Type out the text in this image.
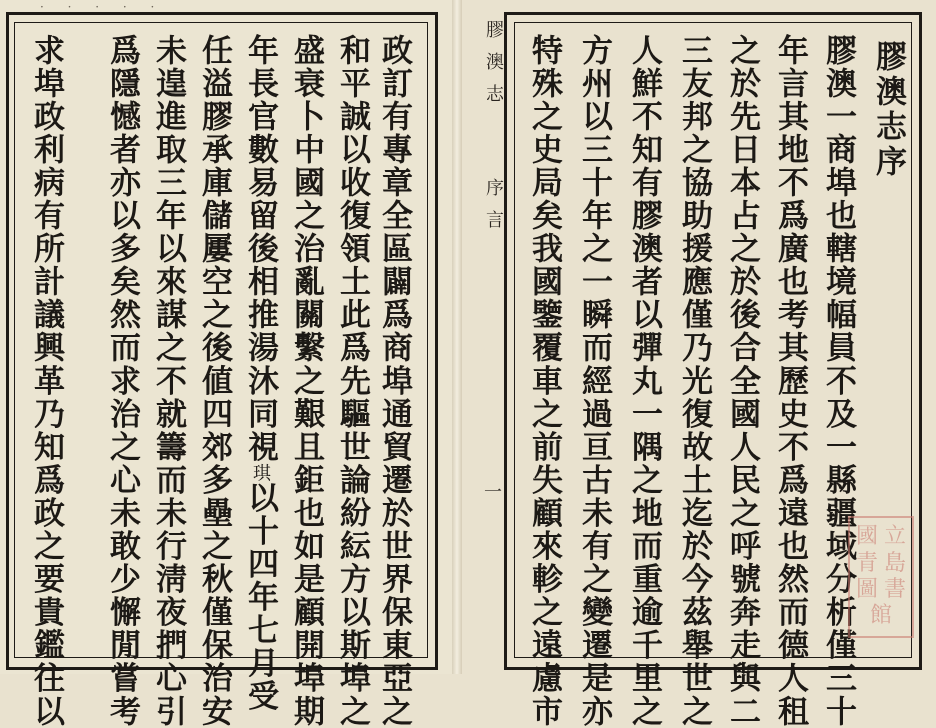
· · · · ·
政訂有專章全區闢爲商埠通貿遷於世界保東亞之
和平誠以收復領土此爲先驅世論紛紜方以斯埠之
盛衰卜中國之治亂關繫之艱且鉅也如是顧開埠期
年長官數易留後相推湯沐同視琪以十四年七月受
任溢膠承庫儲屢空之後値四郊多壘之秋僅保治安
未遑進取三年以來謀之不就籌而未行淸夜捫心引
爲隱憾者亦以多矣然而求治之心未敢少懈閒嘗考
求埠政利病有所計議興革乃知爲政之要貴鑑往以	膠澳志
序言
一
膠澳志序
膠澳一商埠也轄境幅員不及一縣疆域分析僅三十
年言其地不爲廣也考其歷史不爲遠也然而德人租
之於先日本占之於後合全國人民之呼號奔走與二
三友邦之協助援應僅乃光復故土迄於今茲舉世之
人鮮不知有膠澳者以彈丸一隅之地而重逾千里之
方州以三十年之一瞬而經過亘古未有之變遷是亦
特殊之史局矣我國鑒覆車之前失顧來軫之遠慮市	國 立
青 島
圖 書
館
